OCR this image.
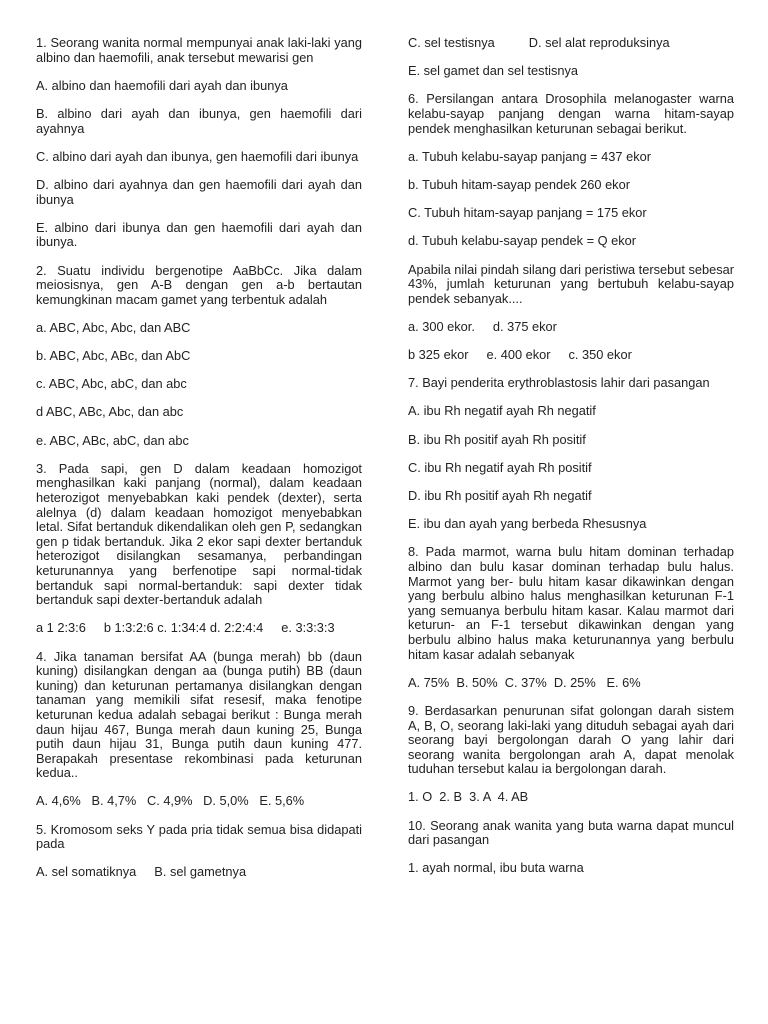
1. Seorang wanita normal mempunyai anak laki-laki yang albino dan haemofili, anak tersebut mewarisi gen

A. albino dan haemofili dari ayah dan ibunya

B. albino dari ayah dan ibunya, gen haemofili dari ayahnya

C. albino dari ayah dan ibunya, gen haemofili dari ibunya

D. albino dari ayahnya dan gen haemofili dari ayah dan ibunya

E. albino dari ibunya dan gen haemofili dari ayah dan ibunya.

2. Suatu individu bergenotipe AaBbCc. Jika dalam meiosisnya, gen A-B dengan gen a-b bertautan kemungkinan macam gamet yang terbentuk adalah

a. ABC, Abc, Abc, dan ABC

b. ABC, Abc, ABc, dan AbC

c. ABC, Abc, abC, dan abc

d ABC, ABc, Abc, dan abc

e. ABC, ABc, abC, dan abc

3. Pada sapi, gen D dalam keadaan homozigot menghasilkan kaki panjang (normal), dalam keadaan heterozigot menyebabkan kaki pendek (dexter), serta alelnya (d) dalam keadaan homozigot menyebabkan letal. Sifat bertanduk dikendalikan oleh gen P, sedangkan gen p tidak bertanduk. Jika 2 ekor sapi dexter bertanduk heterozigot disilangkan sesamanya, perbandingan keturunannya yang berfenotipe sapi normal-tidak bertanduk sapi normal-bertanduk: sapi dexter tidak bertanduk sapi dexter-bertanduk adalah

a 1 2:3:6 b 1:3:2:6 c. 1:34:4 d. 2:2:4:4 e. 3:3:3:3

4. Jika tanaman bersifat AA (bunga merah) bb (daun kuning) disilangkan dengan aa (bunga putih) BB (daun kuning) dan keturunan pertamanya disilangkan dengan tanaman yang memikili sifat resesif, maka fenotipe keturunan kedua adalah sebagai berikut : Bunga merah daun hijau 467, Bunga merah daun kuning 25, Bunga putih daun hijau 31, Bunga putih daun kuning 477. Berapakah presentase rekombinasi pada keturunan kedua..

A. 4,6%   B. 4,7%   C. 4,9%   D. 5,0%   E. 5,6%

5. Kromosom seks Y pada pria tidak semua bisa didapati pada

A. sel somatiknya B. sel gametnya

C. sel testisnya	D. sel alat reproduksinya

E. sel gamet dan sel testisnya

6. Persilangan antara Drosophila melanogaster warna kelabu-sayap panjang dengan warna hitam-sayap pendek menghasilkan keturunan sebagai berikut.

a. Tubuh kelabu-sayap panjang = 437 ekor

b. Tubuh hitam-sayap pendek 260 ekor

C. Tubuh hitam-sayap panjang = 175 ekor

d. Tubuh kelabu-sayap pendek = Q ekor

Apabila nilai pindah silang dari peristiwa tersebut sebesar 43%, jumlah keturunan yang bertubuh kelabu-sayap pendek sebanyak....

a. 300 ekor. d. 375 ekor

b 325 ekor e. 400 ekor c. 350 ekor

7. Bayi penderita erythroblastosis lahir dari pasangan

A. ibu Rh negatif ayah Rh negatif

B. ibu Rh positif ayah Rh positif

C. ibu Rh negatif ayah Rh positif

D. ibu Rh positif ayah Rh negatif

E. ibu dan ayah yang berbeda Rhesusnya

8. Pada marmot, warna bulu hitam dominan terhadap albino dan bulu kasar dominan terhadap bulu halus. Marmot yang ber- bulu hitam kasar dikawinkan dengan yang berbulu albino halus menghasilkan keturunan F-1 yang semuanya berbulu hitam kasar. Kalau marmot dari keturun- an F-1 tersebut dikawinkan dengan yang berbulu albino halus maka keturunannya yang berbulu hitam kasar adalah sebanyak

A. 75%  B. 50%  C. 37%  D. 25%   E. 6%

9. Berdasarkan penurunan sifat golongan darah sistem A, B, O, seorang laki-laki yang dituduh sebagai ayah dari seorang bayi bergolongan darah O yang lahir dari seorang wanita bergolongan arah A, dapat menolak tuduhan tersebut kalau ia bergolongan darah.

1. O  2. B  3. A  4. AB

10. Seorang anak wanita yang buta warna dapat muncul dari pasangan

1. ayah normal, ibu buta warna
